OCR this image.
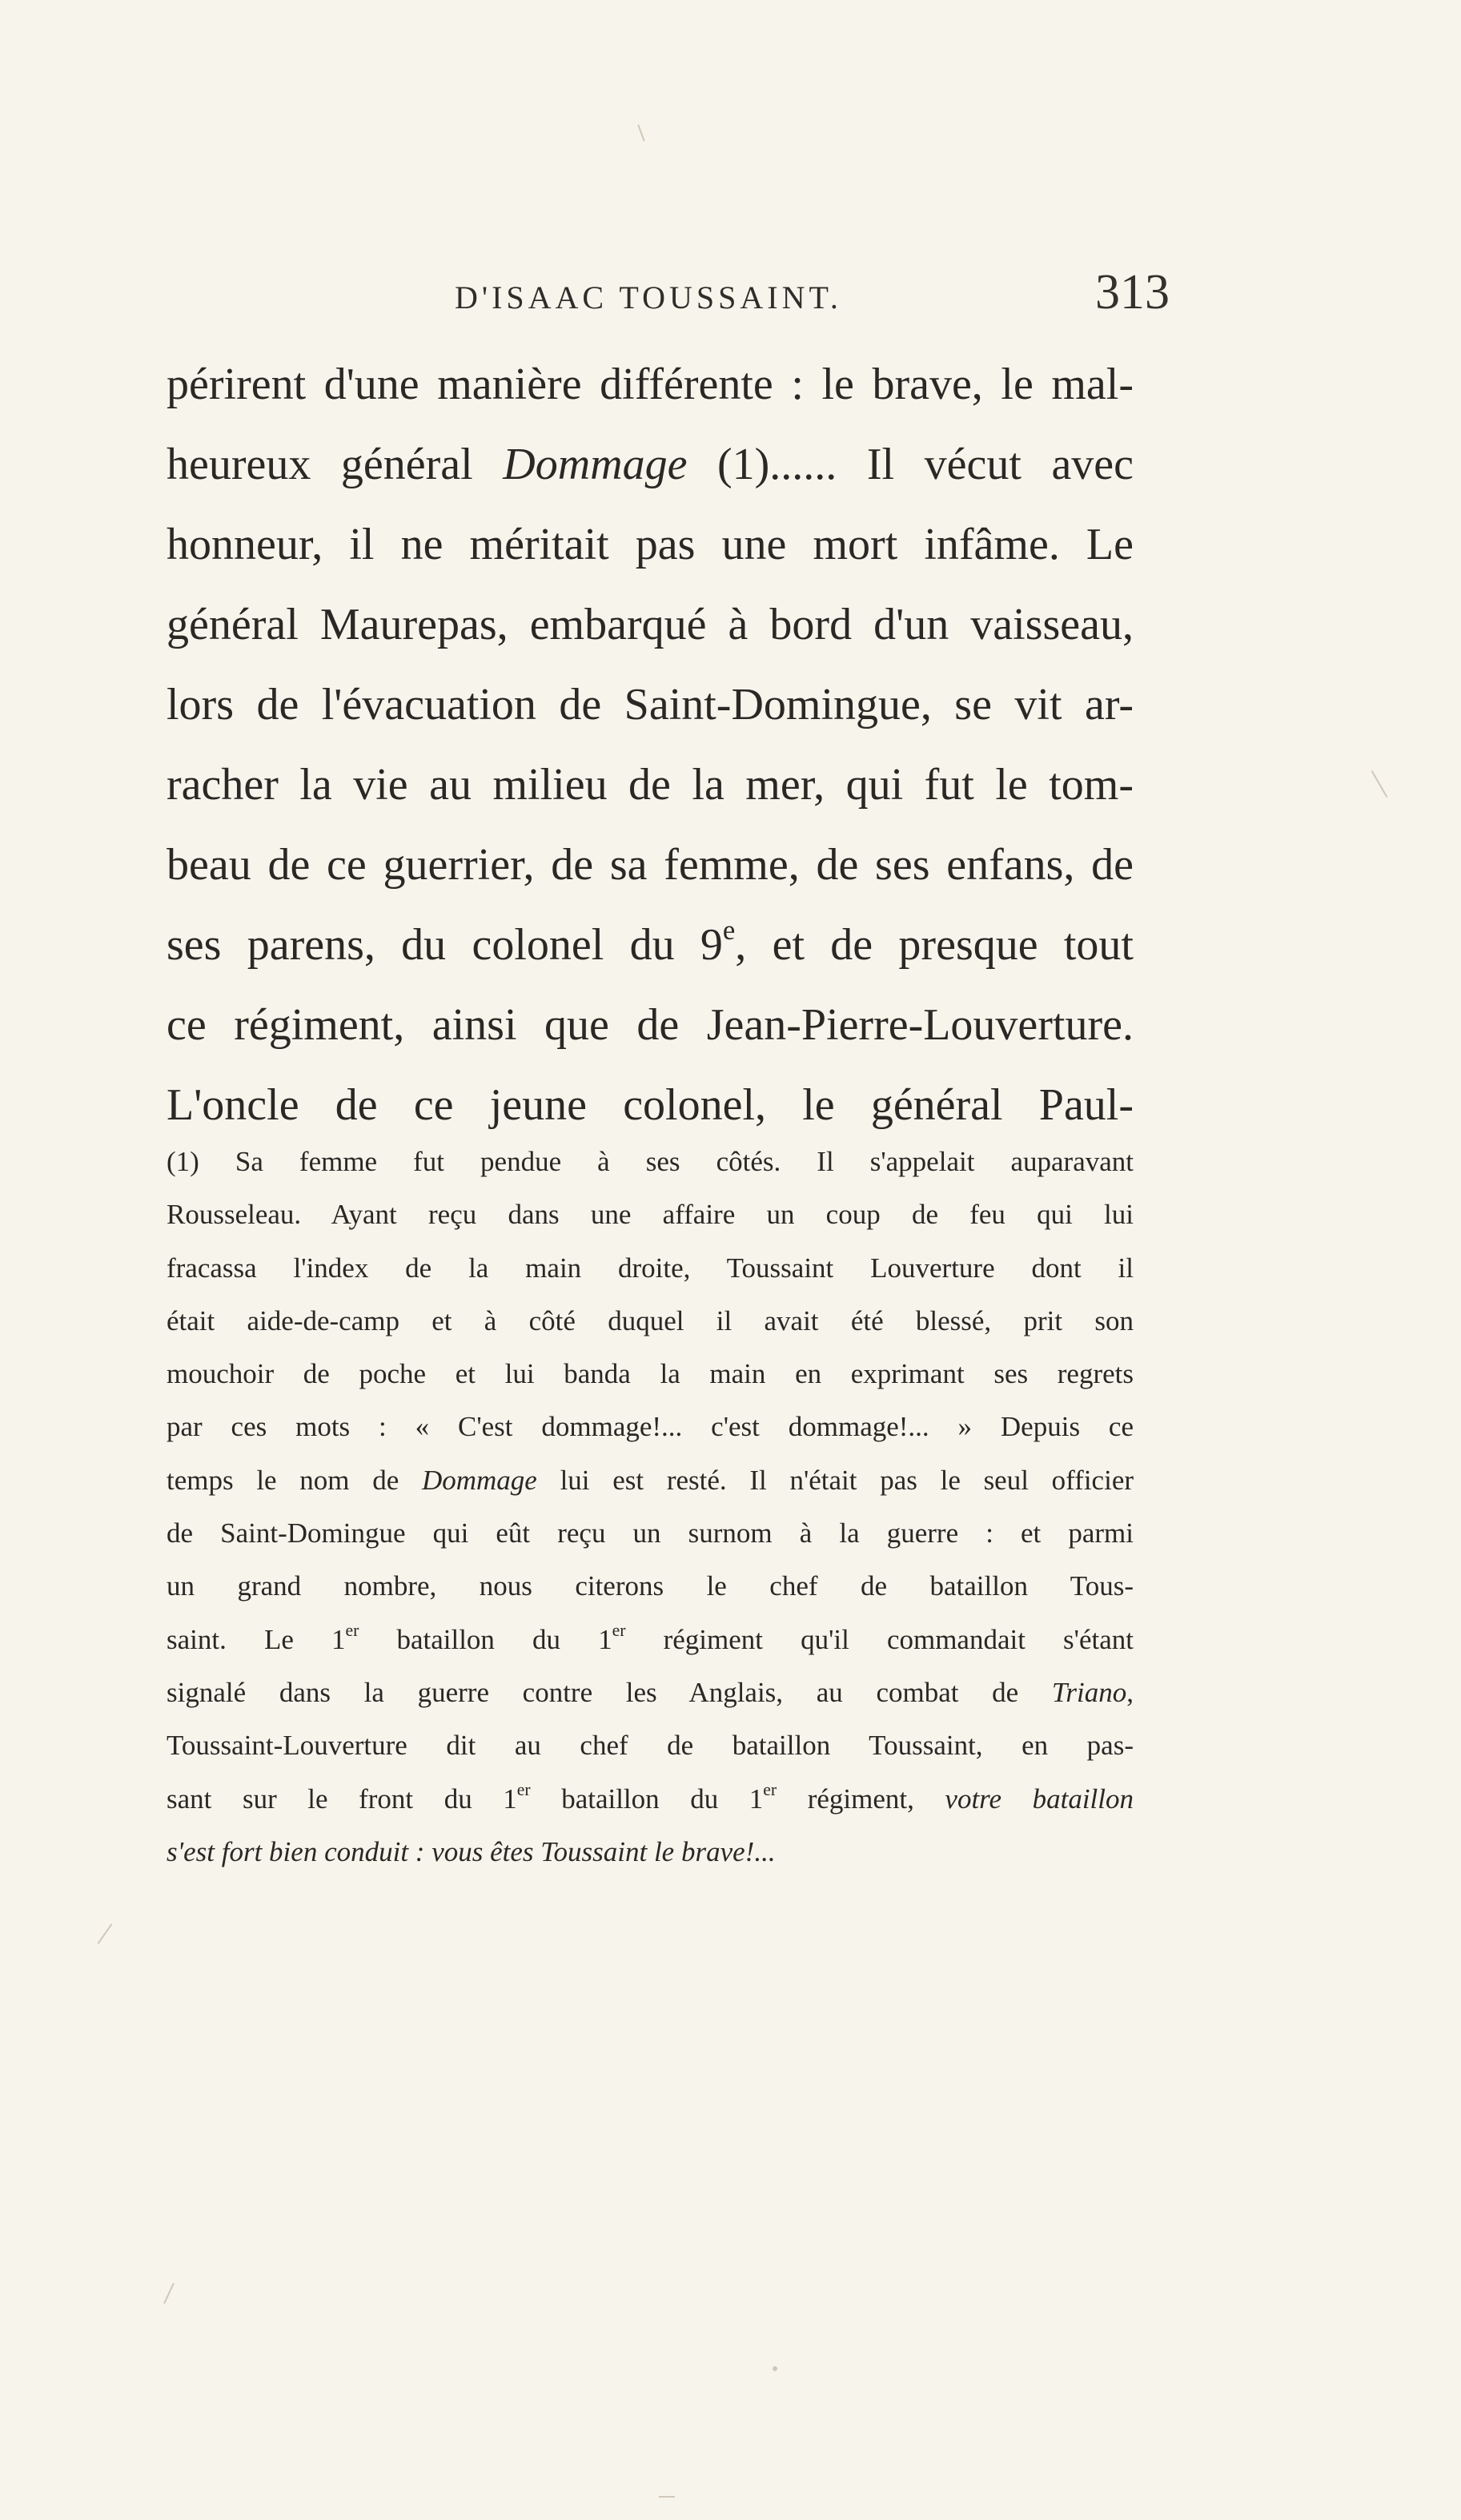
D'ISAAC TOUSSAINT.	313
périrent d'une manière différente : le brave, le mal-
heureux général Dommage (1)...... Il vécut avec
honneur, il ne méritait pas une mort infâme. Le
général Maurepas, embarqué à bord d'un vaisseau,
lors de l'évacuation de Saint-Domingue, se vit ar-
racher la vie au milieu de la mer, qui fut le tom-
beau de ce guerrier, de sa femme, de ses enfans, de
ses parens, du colonel du 9e, et de presque tout
ce régiment, ainsi que de Jean-Pierre-Louverture.
L'oncle de ce jeune colonel, le général Paul-
(1) Sa femme fut pendue à ses côtés. Il s'appelait auparavant
Rousseleau. Ayant reçu dans une affaire un coup de feu qui lui
fracassa l'index de la main droite, Toussaint Louverture dont il
était aide-de-camp et à côté duquel il avait été blessé, prit son
mouchoir de poche et lui banda la main en exprimant ses regrets
par ces mots : « C'est dommage!... c'est dommage!... » Depuis ce
temps le nom de Dommage lui est resté. Il n'était pas le seul officier
de Saint-Domingue qui eût reçu un surnom à la guerre : et parmi
un grand nombre, nous citerons le chef de bataillon Tous-
saint. Le 1er bataillon du 1er régiment qu'il commandait s'étant
signalé dans la guerre contre les Anglais, au combat de Triano,
Toussaint-Louverture dit au chef de bataillon Toussaint, en pas-
sant sur le front du 1er bataillon du 1er régiment, votre bataillon
s'est fort bien conduit : vous êtes Toussaint le brave!...
